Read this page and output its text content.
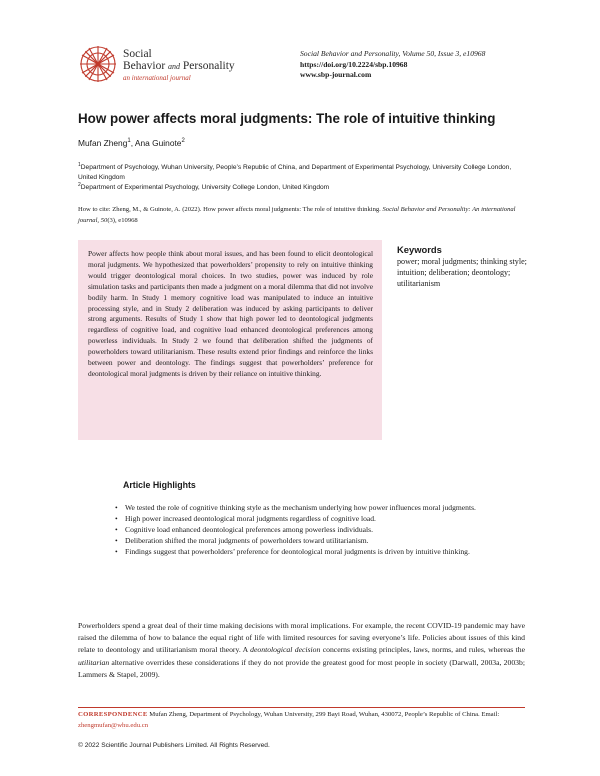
Social
Behavior and Personality
an international journal
Social Behavior and Personality, Volume 50, Issue 3, e10968
https://doi.org/10.2224/sbp.10968
www.sbp-journal.com
How power affects moral judgments: The role of intuitive thinking
Mufan Zheng$^1$, Ana Guinote$^2$
$^1$Department of Psychology, Wuhan University, People’s Republic of China, and Department of Experimental Psychology, University College London, United Kingdom
$^2$Department of Experimental Psychology, University College London, United Kingdom
How to cite: Zheng, M., & Guinote, A. (2022). How power affects moral judgments: The role of intuitive thinking. Social Behavior and Personality: An international journal, 50(3), e10968
Power affects how people think about moral issues, and has been found to elicit deontological moral judgments. We hypothesized that powerholders’ propensity to rely on intuitive thinking would trigger deontological moral choices. In two studies, power was induced by role simulation tasks and participants then made a judgment on a moral dilemma that did not involve bodily harm. In Study 1 memory cognitive load was manipulated to induce an intuitive processing style, and in Study 2 deliberation was induced by asking participants to deliver strong arguments. Results of Study 1 show that high power led to deontological judgments regardless of cognitive load, and cognitive load enhanced deontological preferences among powerless individuals. In Study 2 we found that deliberation shifted the judgments of powerholders toward utilitarianism. These results extend prior findings and reinforce the links between power and deontology. The findings suggest that powerholders’ preference for deontological moral judgments is driven by their reliance on intuitive thinking.
Keywords
power; moral judgments; thinking style; intuition; deliberation; deontology; utilitarianism
Article Highlights
• We tested the role of cognitive thinking style as the mechanism underlying how power influences moral judgments.
• High power increased deontological moral judgments regardless of cognitive load.
• Cognitive load enhanced deontological preferences among powerless individuals.
• Deliberation shifted the moral judgments of powerholders toward utilitarianism.
• Findings suggest that powerholders’ preference for deontological moral judgments is driven by intuitive thinking.
Powerholders spend a great deal of their time making decisions with moral implications. For example, the recent COVID-19 pandemic may have raised the dilemma of how to balance the equal right of life with limited resources for saving everyone’s life. Policies about issues of this kind relate to deontology and utilitarianism moral theory. A deontological decision concerns existing principles, laws, norms, and rules, whereas the utilitarian alternative overrides these considerations if they do not provide the greatest good for most people in society (Darwall, 2003a, 2003b; Lammers & Stapel, 2009).
CORRESPONDENCE Mufan Zheng, Department of Psychology, Wuhan University, 299 Bayi Road, Wuhan, 430072, People’s Republic of China. Email: zhengmufan@whu.edu.cn
© 2022 Scientific Journal Publishers Limited. All Rights Reserved.
